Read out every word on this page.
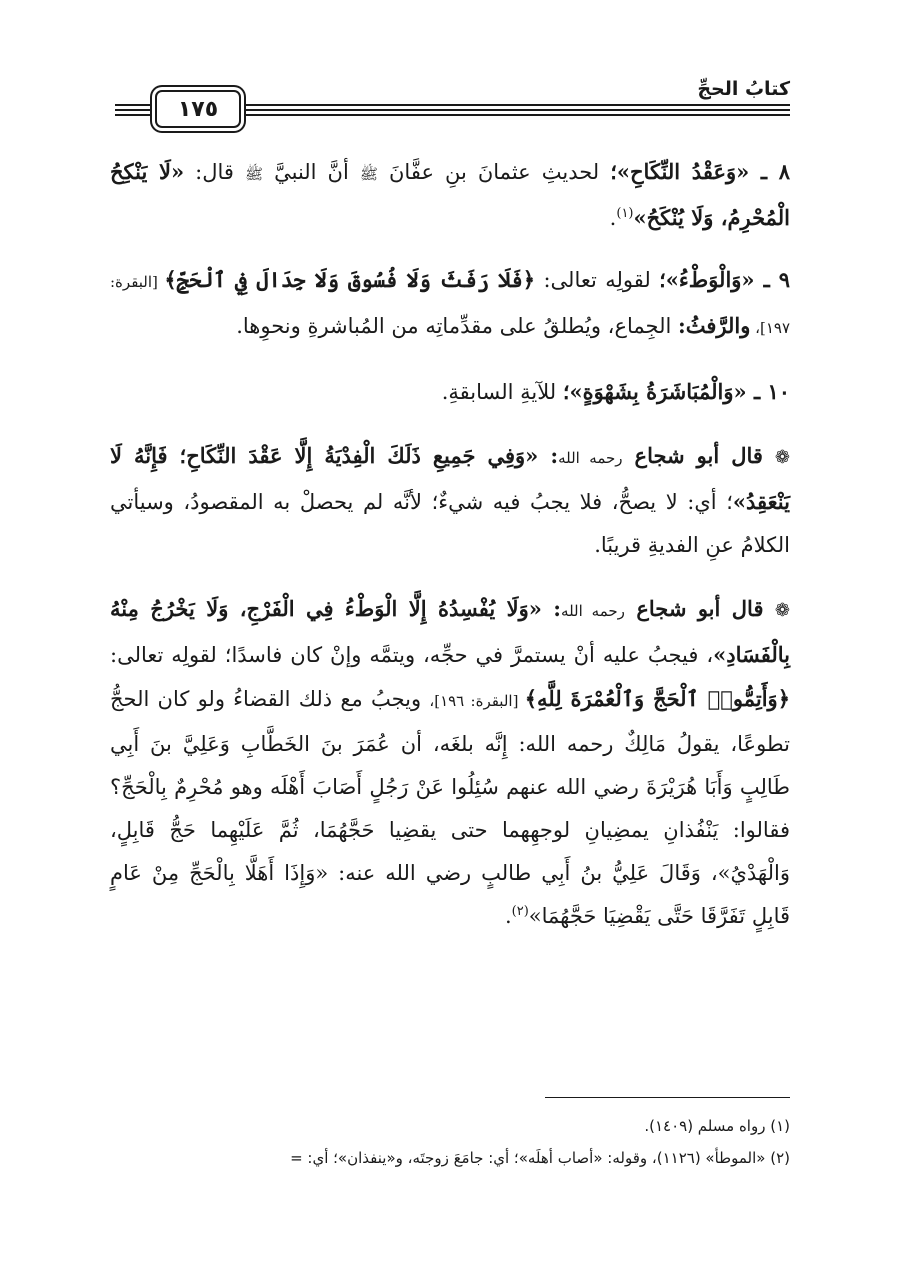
كتابُ الحجِّ
١٧٥

٨ ـ «وَعَقْدُ النِّكَاحِ»؛ لحديثِ عثمانَ بنِ عفَّانَ ﷺ أنَّ النبيَّ ﷺ قال: «لَا يَنْكِحُ الْمُحْرِمُ، وَلَا يُنْكَحُ»$^{(١)}$.

٩ ـ «وَالْوَطْءُ»؛ لقولِه تعالى: ﴿فَلَا رَفَثَ وَلَا فُسُوقَ وَلَا جِدَالَ فِي ٱلْحَجِّ﴾ [البقرة: ١٩٧]، والرَّفثُ: الجِماع، ويُطلقُ على مقدِّماتِه من المُباشرةِ ونحوِها.

١٠ ـ «وَالْمُبَاشَرَةُ بِشَهْوَةٍ»؛ للآيةِ السابقةِ.

❁ قال أبو شجاع رحمه الله: «وَفِي جَمِيعِ ذَلَكَ الْفِدْيَةُ إِلَّا عَقْدَ النِّكَاحِ؛ فَإِنَّهُ لَا يَنْعَقِدُ»؛ أي: لا يصحُّ، فلا يجبُ فيه شيءٌ؛ لأنَّه لم يحصلْ به المقصودُ، وسيأتي الكلامُ عنِ الفديةِ قريبًا.

❁ قال أبو شجاع رحمه الله: «وَلَا يُفْسِدُهُ إِلَّا الْوَطْءُ فِي الْفَرْجِ، وَلَا يَخْرُجُ مِنْهُ بِالْفَسَادِ»، فيجبُ عليه أنْ يستمرَّ في حجِّه، ويتمَّه وإنْ كان فاسدًا؛ لقولِه تعالى: ﴿وَأَتِمُّوا۟ ٱلْحَجَّ وَٱلْعُمْرَةَ لِلَّهِ﴾ [البقرة: ١٩٦]، ويجبُ مع ذلك القضاءُ ولو كان الحجُّ تطوعًا، يقولُ مَالِكٌ رحمه الله: إِنَّه بلغَه، أن عُمَرَ بنَ الخَطَّابِ وَعَلِيَّ بنَ أَبِي طَالِبٍ وَأَبَا هُرَيْرَةَ رضي الله عنهم سُئِلُوا عَنْ رَجُلٍ أَصَابَ أَهْلَه وهو مُحْرِمٌ بِالْحَجِّ؟ فقالوا: يَنْفُذانِ يمضِيانِ لوجهِهما حتى يقضِيا حَجَّهُمَا، ثُمَّ عَلَيْهِما حَجُّ قَابِلٍ، وَالْهَدْيُ»، وَقَالَ عَلِيُّ بنُ أَبِي طالبٍ رضي الله عنه: «وَإِذَا أَهَلَّا بِالْحَجِّ مِنْ عَامٍ قَابِلٍ تَفَرَّقَا حَتَّى يَقْضِيَا حَجَّهُمَا»$^{(٢)}$.

(١) رواه مسلم (١٤٠٩).

(٢) «الموطأ» (١١٢٦)، وقوله: «أصاب أهلَه»؛ أي: جامَعَ زوجتَه، و«ينفذان»؛ أي: =
